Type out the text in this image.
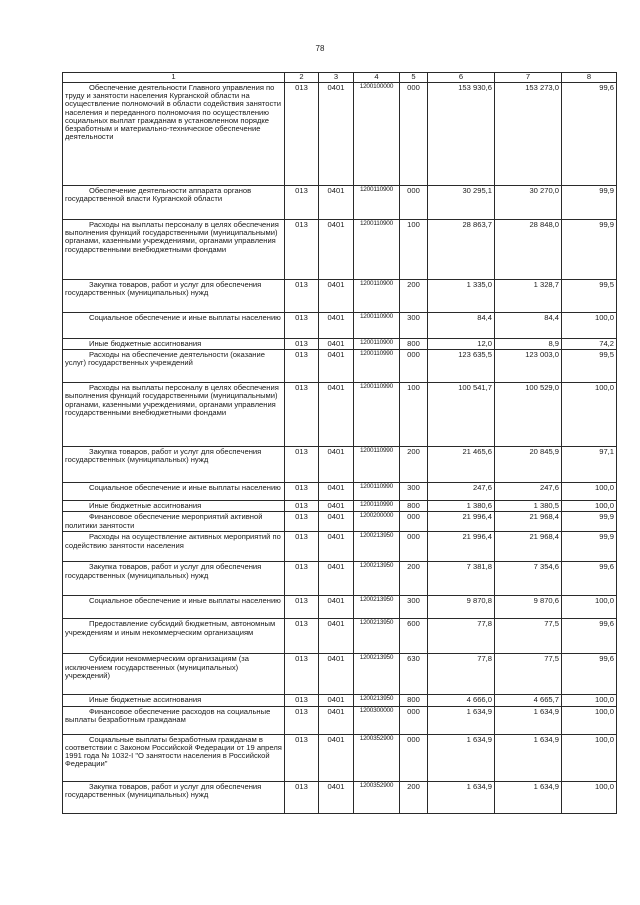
78
1	2	3	4	5	6	7	8
Обеспечение деятельности Главного управления по труду и занятости населения Курганской области на осуществление полномочий в области содействия занятости населения и переданного полномочия по осуществлению социальных выплат гражданам в установленном порядке безработным и материально-техническое обеспечение деятельности	013	0401	1200100000	000	153 930,6	153 273,0	99,6
Обеспечение деятельности аппарата органов государственной власти Курганской области	013	0401	1200110900	000	30 295,1	30 270,0	99,9
Расходы на выплаты персоналу в целях обеспечения выполнения функций государственными (муниципальными) органами, казенными учреждениями, органами управления государственными внебюджетными фондами	013	0401	1200110900	100	28 863,7	28 848,0	99,9
Закупка товаров, работ и услуг для обеспечения государственных (муниципальных) нужд	013	0401	1200110900	200	1 335,0	1 328,7	99,5
Социальное обеспечение и иные выплаты населению	013	0401	1200110900	300	84,4	84,4	100,0
Иные бюджетные ассигнования	013	0401	1200110900	800	12,0	8,9	74,2
Расходы на обеспечение деятельности (оказание услуг) государственных учреждений	013	0401	1200110990	000	123 635,5	123 003,0	99,5
Расходы на выплаты персоналу в целях обеспечения выполнения функций государственными (муниципальными) органами, казенными учреждениями, органами управления государственными внебюджетными фондами	013	0401	1200110990	100	100 541,7	100 529,0	100,0
Закупка товаров, работ и услуг для обеспечения государственных (муниципальных) нужд	013	0401	1200110990	200	21 465,6	20 845,9	97,1
Социальное обеспечение и иные выплаты населению	013	0401	1200110990	300	247,6	247,6	100,0
Иные бюджетные ассигнования	013	0401	1200110990	800	1 380,6	1 380,5	100,0
Финансовое обеспечение мероприятий активной политики занятости	013	0401	1200200000	000	21 996,4	21 968,4	99,9
Расходы на осуществление активных мероприятий по содействию занятости населения	013	0401	1200213950	000	21 996,4	21 968,4	99,9
Закупка товаров, работ и услуг для обеспечения государственных (муниципальных) нужд	013	0401	1200213950	200	7 381,8	7 354,6	99,6
Социальное обеспечение и иные выплаты населению	013	0401	1200213950	300	9 870,8	9 870,6	100,0
Предоставление субсидий бюджетным, автономным учреждениям и иным некоммерческим организациям	013	0401	1200213950	600	77,8	77,5	99,6
Субсидии некоммерческим организациям (за исключением государственных (муниципальных) учреждений)	013	0401	1200213950	630	77,8	77,5	99,6
Иные бюджетные ассигнования	013	0401	1200213950	800	4 666,0	4 665,7	100,0
Финансовое обеспечение расходов на социальные выплаты безработным гражданам	013	0401	1200300000	000	1 634,9	1 634,9	100,0
Социальные выплаты безработным гражданам в соответствии с Законом Российской Федерации от 19 апреля 1991 года № 1032-I "О занятости населения в Российской Федерации"	013	0401	1200352900	000	1 634,9	1 634,9	100,0
Закупка товаров, работ и услуг для обеспечения государственных (муниципальных) нужд	013	0401	1200352900	200	1 634,9	1 634,9	100,0
